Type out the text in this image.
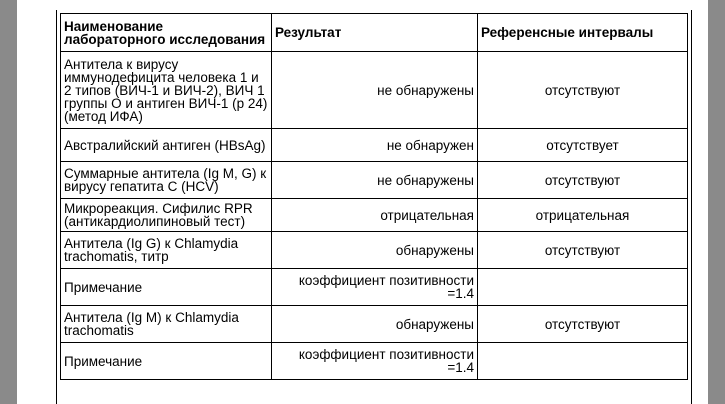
Наименование лабораторного исследования	Результат	Референсные интервалы
Антитела к вирусу иммунодефицита человека 1 и 2 типов (ВИЧ-1 и ВИЧ-2), ВИЧ 1 группы О и антиген ВИЧ-1 (р 24) (метод ИФА)	не обнаружены	отсутствуют
Австралийский антиген (HBsAg)	не обнаружен	отсутствует
Суммарные антитела (Ig M, G) к вирусу гепатита С (HCV)	не обнаружены	отсутствуют
Микрореакция. Сифилис RPR (антикардиолипиновый тест)	отрицательная	отрицательная
Антитела (Ig G) к Chlamydia trachomatis, титр	обнаружены	отсутствуют
Примечание	коэффициент позитивности =1.4	
Антитела (Ig M) к Chlamydia trachomatis	обнаружены	отсутствуют
Примечание	коэффициент позитивности =1.4	
